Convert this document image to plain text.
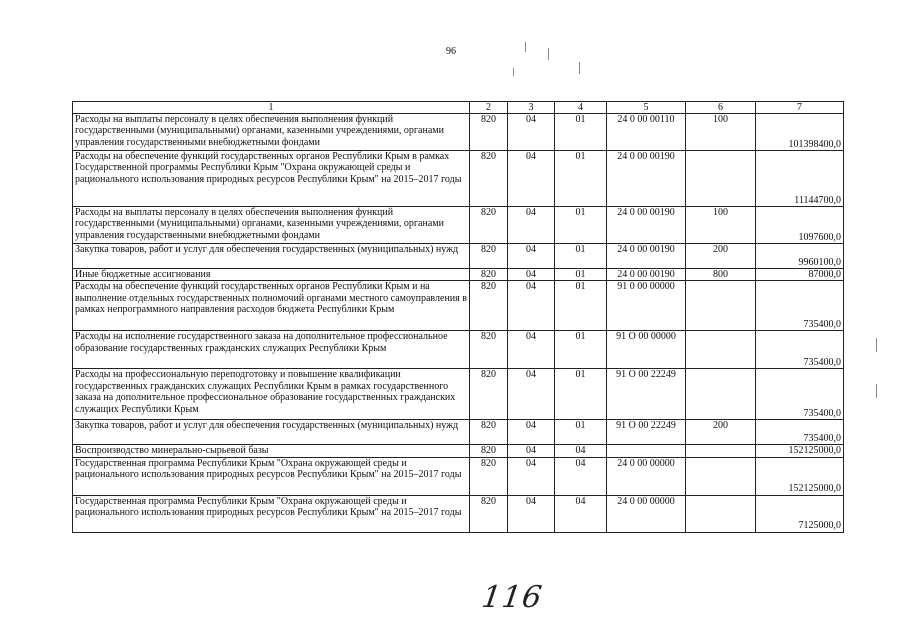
96
1	2	3	4	5	6	7
Расходы на выплаты персоналу в целях обеспечения выполнения функций государственными (муниципальными) органами, казенными учреждениями, органами управления государственными внебюджетными фондами	820	04	01	24 0 00 00110	100	101398400,0
Расходы на обеспечение функций государственных органов Республики Крым в рамках Государственной программы Республики Крым "Охрана окружающей среды и рационального использования природных ресурсов Республики Крым" на 2015–2017 годы	820	04	01	24 0 00 00190		11144700,0
Расходы на выплаты персоналу в целях обеспечения выполнения функций государственными (муниципальными) органами, казенными учреждениями, органами управления государственными внебюджетными фондами	820	04	01	24 0 00 00190	100	1097600,0
Закупка товаров, работ и услуг для обеспечения государственных (муниципальных) нужд	820	04	01	24 0 00 00190	200	9960100,0
Иные бюджетные ассигнования	820	04	01	24 0 00 00190	800	87000,0
Расходы на обеспечение функций государственных органов Республики Крым и на выполнение отдельных государственных полномочий органами местного самоуправления в рамках непрограммного направления расходов бюджета Республики Крым	820	04	01	91 0 00 00000		735400,0
Расходы на исполнение государственного заказа на дополнительное профессиональное образование государственных гражданских служащих Республики Крым	820	04	01	91 О 00 00000		735400,0
Расходы на профессиональную переподготовку и повышение квалификации государственных гражданских служащих Республики Крым в рамках государственного заказа на дополнительное профессиональное образование государственных гражданских служащих Республики Крым	820	04	01	91 О 00 22249		735400,0
Закупка товаров, работ и услуг для обеспечения государственных (муниципальных) нужд	820	04	01	91 О 00 22249	200	735400,0
Воспроизводство минерально-сырьевой базы	820	04	04			152125000,0
Государственная программа Республики Крым "Охрана окружающей среды и рационального использования природных ресурсов Республики Крым" на 2015–2017 годы	820	04	04	24 0 00 00000		152125000,0
Государственная программа Республики Крым "Охрана окружающей среды и рационального использования природных ресурсов Республики Крым" на 2015–2017 годы	820	04	04	24 0 00 00000		7125000,0
116
